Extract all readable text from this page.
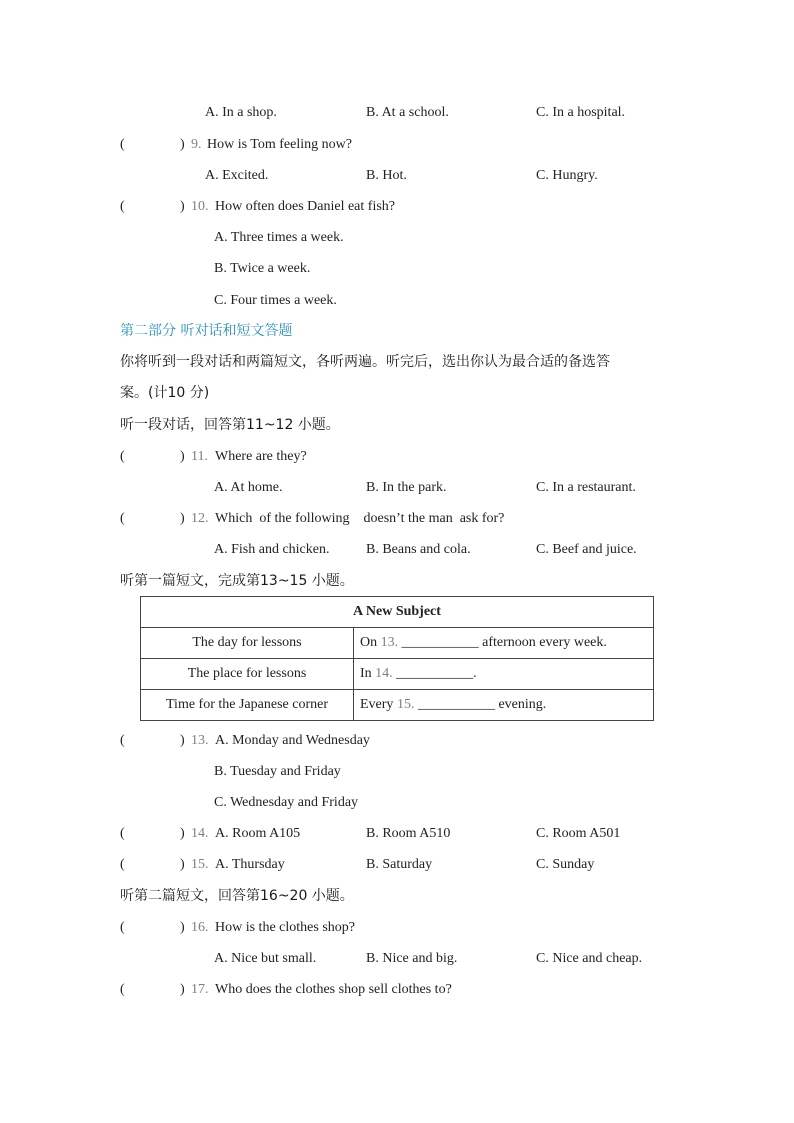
A. In a shop.	B. At a school.	C. In a hospital.
(	) 9. How is Tom feeling now?
A. Excited.	B. Hot.	C. Hungry.
(	) 10. How often does Daniel eat fish?
A. Three times a week.
B. Twice a week.
C. Four times a week.
第二部分 听对话和短文答题
你将听到一段对话和两篇短文，各听两遍。听完后，选出你认为最合适的备选答
案。(计10 分)
听一段对话，回答第11~12 小题。
(	) 11. Where are they?
A. At home.	B. In the park.	C. In a restaurant.
(	) 12. Which  of the following    doesn’t the man  ask for?
A. Fish and chicken.	B. Beans and cola.	C. Beef and juice.
听第一篇短文，完成第13~15 小题。
A New Subject	
The day for lessons	On 13. ___________ afternoon every week.
The place for lessons	In 14. ___________.
Time for the Japanese corner	Every 15. ___________ evening.
(	) 13. A. Monday and Wednesday
B. Tuesday and Friday
C. Wednesday and Friday
(	) 14. A. Room A105	B. Room A510	C. Room A501
(	) 15. A. Thursday	B. Saturday	C. Sunday
听第二篇短文，回答第16~20 小题。
(	) 16. How is the clothes shop?
A. Nice but small.	B. Nice and big.	C. Nice and cheap.
(	) 17. Who does the clothes shop sell clothes to?
